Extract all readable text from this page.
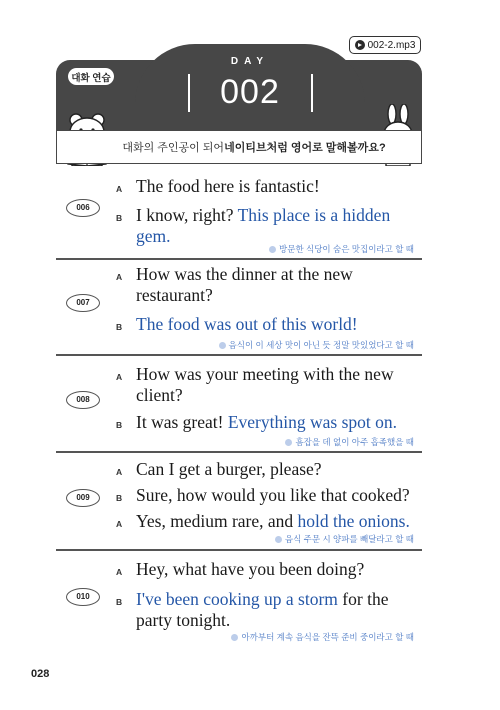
002-2.mp3
대화 연습
DAY
002
대화의 주인공이 되어 네이티브처럼 영어로 말해볼까요?
006
A The food here is fantastic!
B I know, right? This place is a hidden gem.
방문한 식당이 숨은 맛집이라고 할 때
007
A How was the dinner at the new restaurant?
B The food was out of this world!
음식이 이 세상 맛이 아닌 듯 정말 맛있었다고 할 때
008
A How was your meeting with the new client?
B It was great! Everything was spot on.
흠잡을 데 없이 아주 흡족했을 때
009
A Can I get a burger, please?
B Sure, how would you like that cooked?
A Yes, medium rare, and hold the onions.
음식 주문 시 양파를 빼달라고 할 때
010
A Hey, what have you been doing?
B I've been cooking up a storm for the party tonight.
아까부터 계속 음식을 잔뜩 준비 중이라고 할 때
028
